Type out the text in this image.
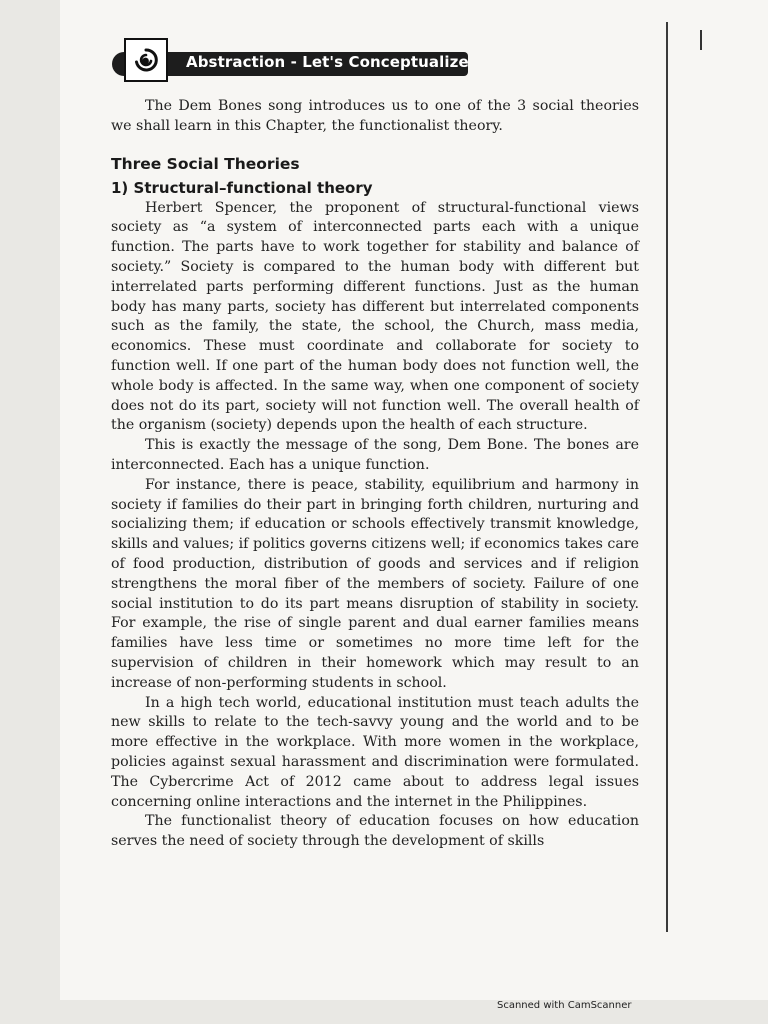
Abstraction - Let's Conceptualize

The Dem Bones song introduces us to one of the 3 social theories we shall learn in this Chapter, the functionalist theory.

Three Social Theories

1) Structural–functional theory

Herbert Spencer, the proponent of structural-functional views society as “a system of interconnected parts each with a unique function. The parts have to work together for stability and balance of society.” Society is compared to the human body with different but interrelated parts performing different functions. Just as the human body has many parts, society has different but interrelated components such as the family, the state, the school, the Church, mass media, economics. These must coordinate and collaborate for society to function well. If one part of the human body does not function well, the whole body is affected. In the same way, when one component of society does not do its part, society will not function well. The overall health of the organism (society) depends upon the health of each structure.

This is exactly the message of the song, Dem Bone. The bones are interconnected. Each has a unique function.

For instance, there is peace, stability, equilibrium and harmony in society if families do their part in bringing forth children, nurturing and socializing them; if education or schools effectively transmit knowledge, skills and values; if politics governs citizens well; if economics takes care of food production, distribution of goods and services and if religion strengthens the moral fiber of the members of society. Failure of one social institution to do its part means disruption of stability in society. For example, the rise of single parent and dual earner families means families have less time or sometimes no more time left for the supervision of children in their homework which may result to an increase of non-performing students in school.

In a high tech world, educational institution must teach adults the new skills to relate to the tech-savvy young and the world and to be more effective in the workplace. With more women in the workplace, policies against sexual harassment and discrimination were formulated. The Cybercrime Act of 2012 came about to address legal issues concerning online interactions and the internet in the Philippines.

The functionalist theory of education focuses on how education serves the need of society through the development of skills

Scanned with CamScanner
